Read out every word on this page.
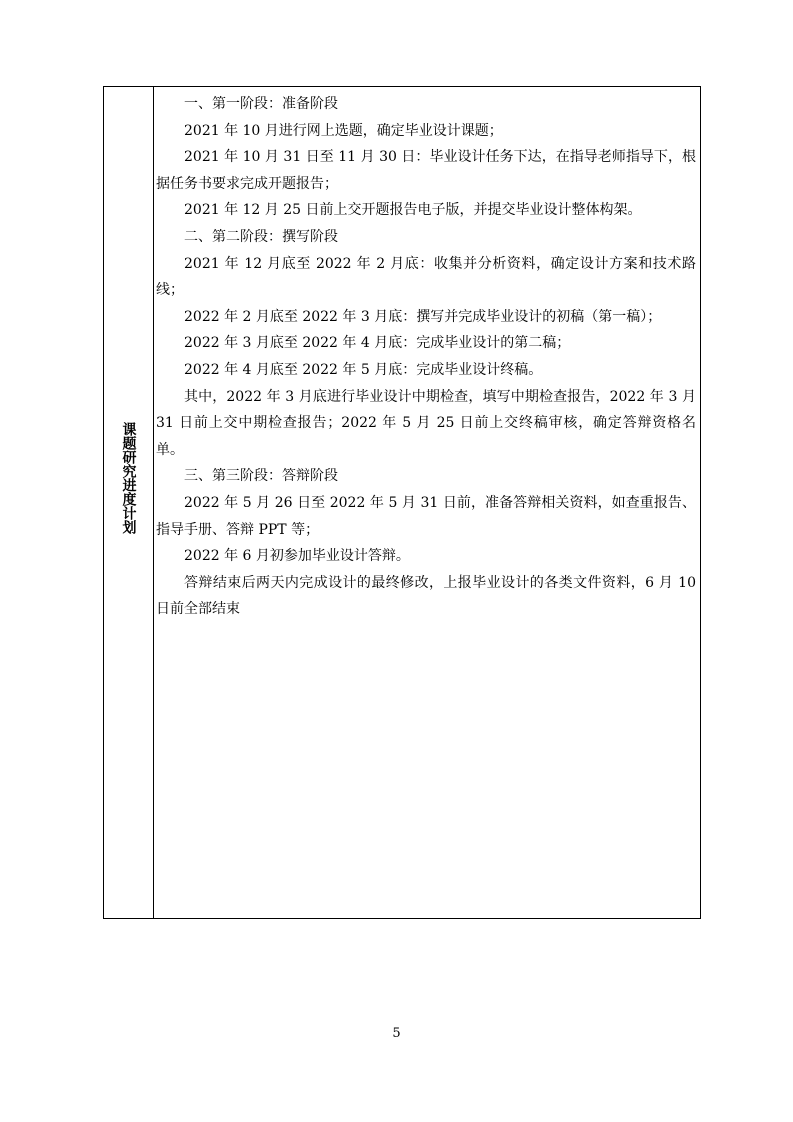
课题研究进度计划

一、第一阶段：准备阶段

2021 年 10 月进行网上选题，确定毕业设计课题；

2021 年 10 月 31 日至 11 月 30 日：毕业设计任务下达，在指导老师指导下，根据任务书要求完成开题报告；

2021 年 12 月 25 日前上交开题报告电子版，并提交毕业设计整体构架。

二、第二阶段：撰写阶段

2021 年 12 月底至 2022 年 2 月底：收集并分析资料，确定设计方案和技术路线；

2022 年 2 月底至 2022 年 3 月底：撰写并完成毕业设计的初稿（第一稿）；

2022 年 3 月底至 2022 年 4 月底：完成毕业设计的第二稿；

2022 年 4 月底至 2022 年 5 月底：完成毕业设计终稿。

其中，2022 年 3 月底进行毕业设计中期检查，填写中期检查报告，2022 年 3 月 31 日前上交中期检查报告；2022 年 5 月 25 日前上交终稿审核，确定答辩资格名单。

三、第三阶段：答辩阶段

2022 年 5 月 26 日至 2022 年 5 月 31 日前，准备答辩相关资料，如查重报告、指导手册、答辩 PPT 等；

2022 年 6 月初参加毕业设计答辩。

答辩结束后两天内完成设计的最终修改，上报毕业设计的各类文件资料，6 月 10 日前全部结束

5
